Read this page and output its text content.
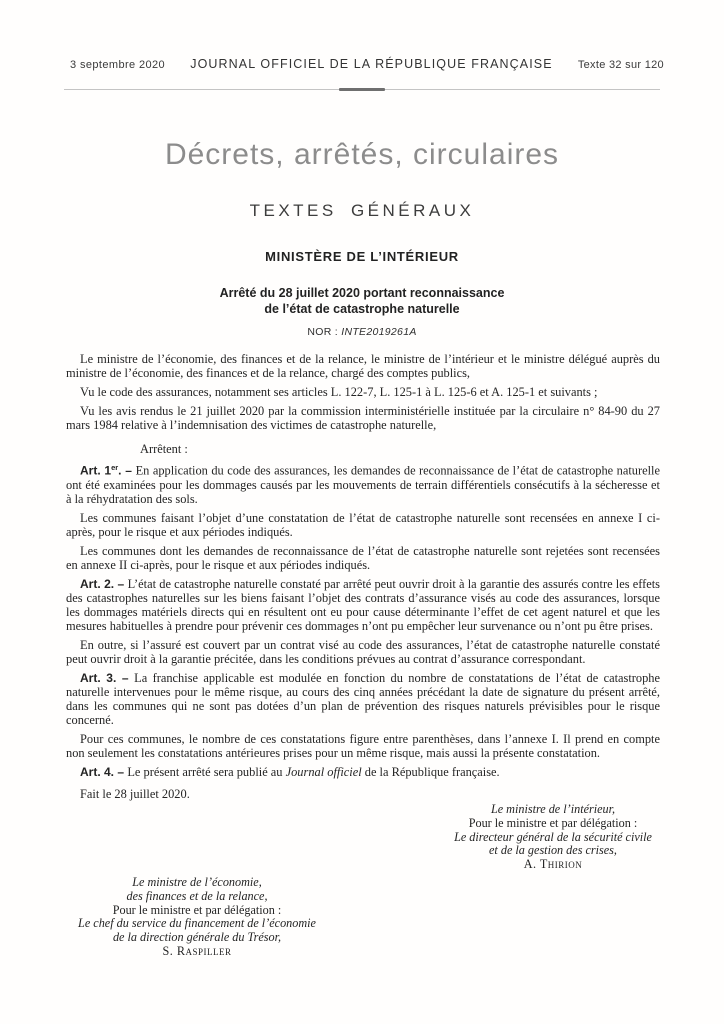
3 septembre 2020 JOURNAL OFFICIEL DE LA RÉPUBLIQUE FRANÇAISE Texte 32 sur 120
Décrets, arrêtés, circulaires
TEXTES GÉNÉRAUX
MINISTÈRE DE L’INTÉRIEUR
Arrêté du 28 juillet 2020 portant reconnaissance
de l’état de catastrophe naturelle
NOR : INTE2019261A

Le ministre de l’économie, des finances et de la relance, le ministre de l’intérieur et le ministre délégué auprès du ministre de l’économie, des finances et de la relance, chargé des comptes publics,

Vu le code des assurances, notamment ses articles L. 122-7, L. 125-1 à L. 125-6 et A. 125-1 et suivants ;

Vu les avis rendus le 21 juillet 2020 par la commission interministérielle instituée par la circulaire n° 84-90 du 27 mars 1984 relative à l’indemnisation des victimes de catastrophe naturelle,

Arrêtent :

Art. 1er. – En application du code des assurances, les demandes de reconnaissance de l’état de catastrophe naturelle ont été examinées pour les dommages causés par les mouvements de terrain différentiels consécutifs à la sécheresse et à la réhydratation des sols.

Les communes faisant l’objet d’une constatation de l’état de catastrophe naturelle sont recensées en annexe I ci-après, pour le risque et aux périodes indiqués.

Les communes dont les demandes de reconnaissance de l’état de catastrophe naturelle sont rejetées sont recensées en annexe II ci-après, pour le risque et aux périodes indiqués.

Art. 2. – L’état de catastrophe naturelle constaté par arrêté peut ouvrir droit à la garantie des assurés contre les effets des catastrophes naturelles sur les biens faisant l’objet des contrats d’assurance visés au code des assurances, lorsque les dommages matériels directs qui en résultent ont eu pour cause déterminante l’effet de cet agent naturel et que les mesures habituelles à prendre pour prévenir ces dommages n’ont pu empêcher leur survenance ou n’ont pu être prises.

En outre, si l’assuré est couvert par un contrat visé au code des assurances, l’état de catastrophe naturelle constaté peut ouvrir droit à la garantie précitée, dans les conditions prévues au contrat d’assurance correspondant.

Art. 3. – La franchise applicable est modulée en fonction du nombre de constatations de l’état de catastrophe naturelle intervenues pour le même risque, au cours des cinq années précédant la date de signature du présent arrêté, dans les communes qui ne sont pas dotées d’un plan de prévention des risques naturels prévisibles pour le risque concerné.

Pour ces communes, le nombre de ces constatations figure entre parenthèses, dans l’annexe I. Il prend en compte non seulement les constatations antérieures prises pour un même risque, mais aussi la présente constatation.

Art. 4. – Le présent arrêté sera publié au Journal officiel de la République française.

Fait le 28 juillet 2020.

Le ministre de l’intérieur,
Pour le ministre et par délégation :
Le directeur général de la sécurité civile
et de la gestion des crises,
A. Thirion
Le ministre de l’économie,
des finances et de la relance,
Pour le ministre et par délégation :
Le chef du service du financement de l’économie
de la direction générale du Trésor,
S. Raspiller
